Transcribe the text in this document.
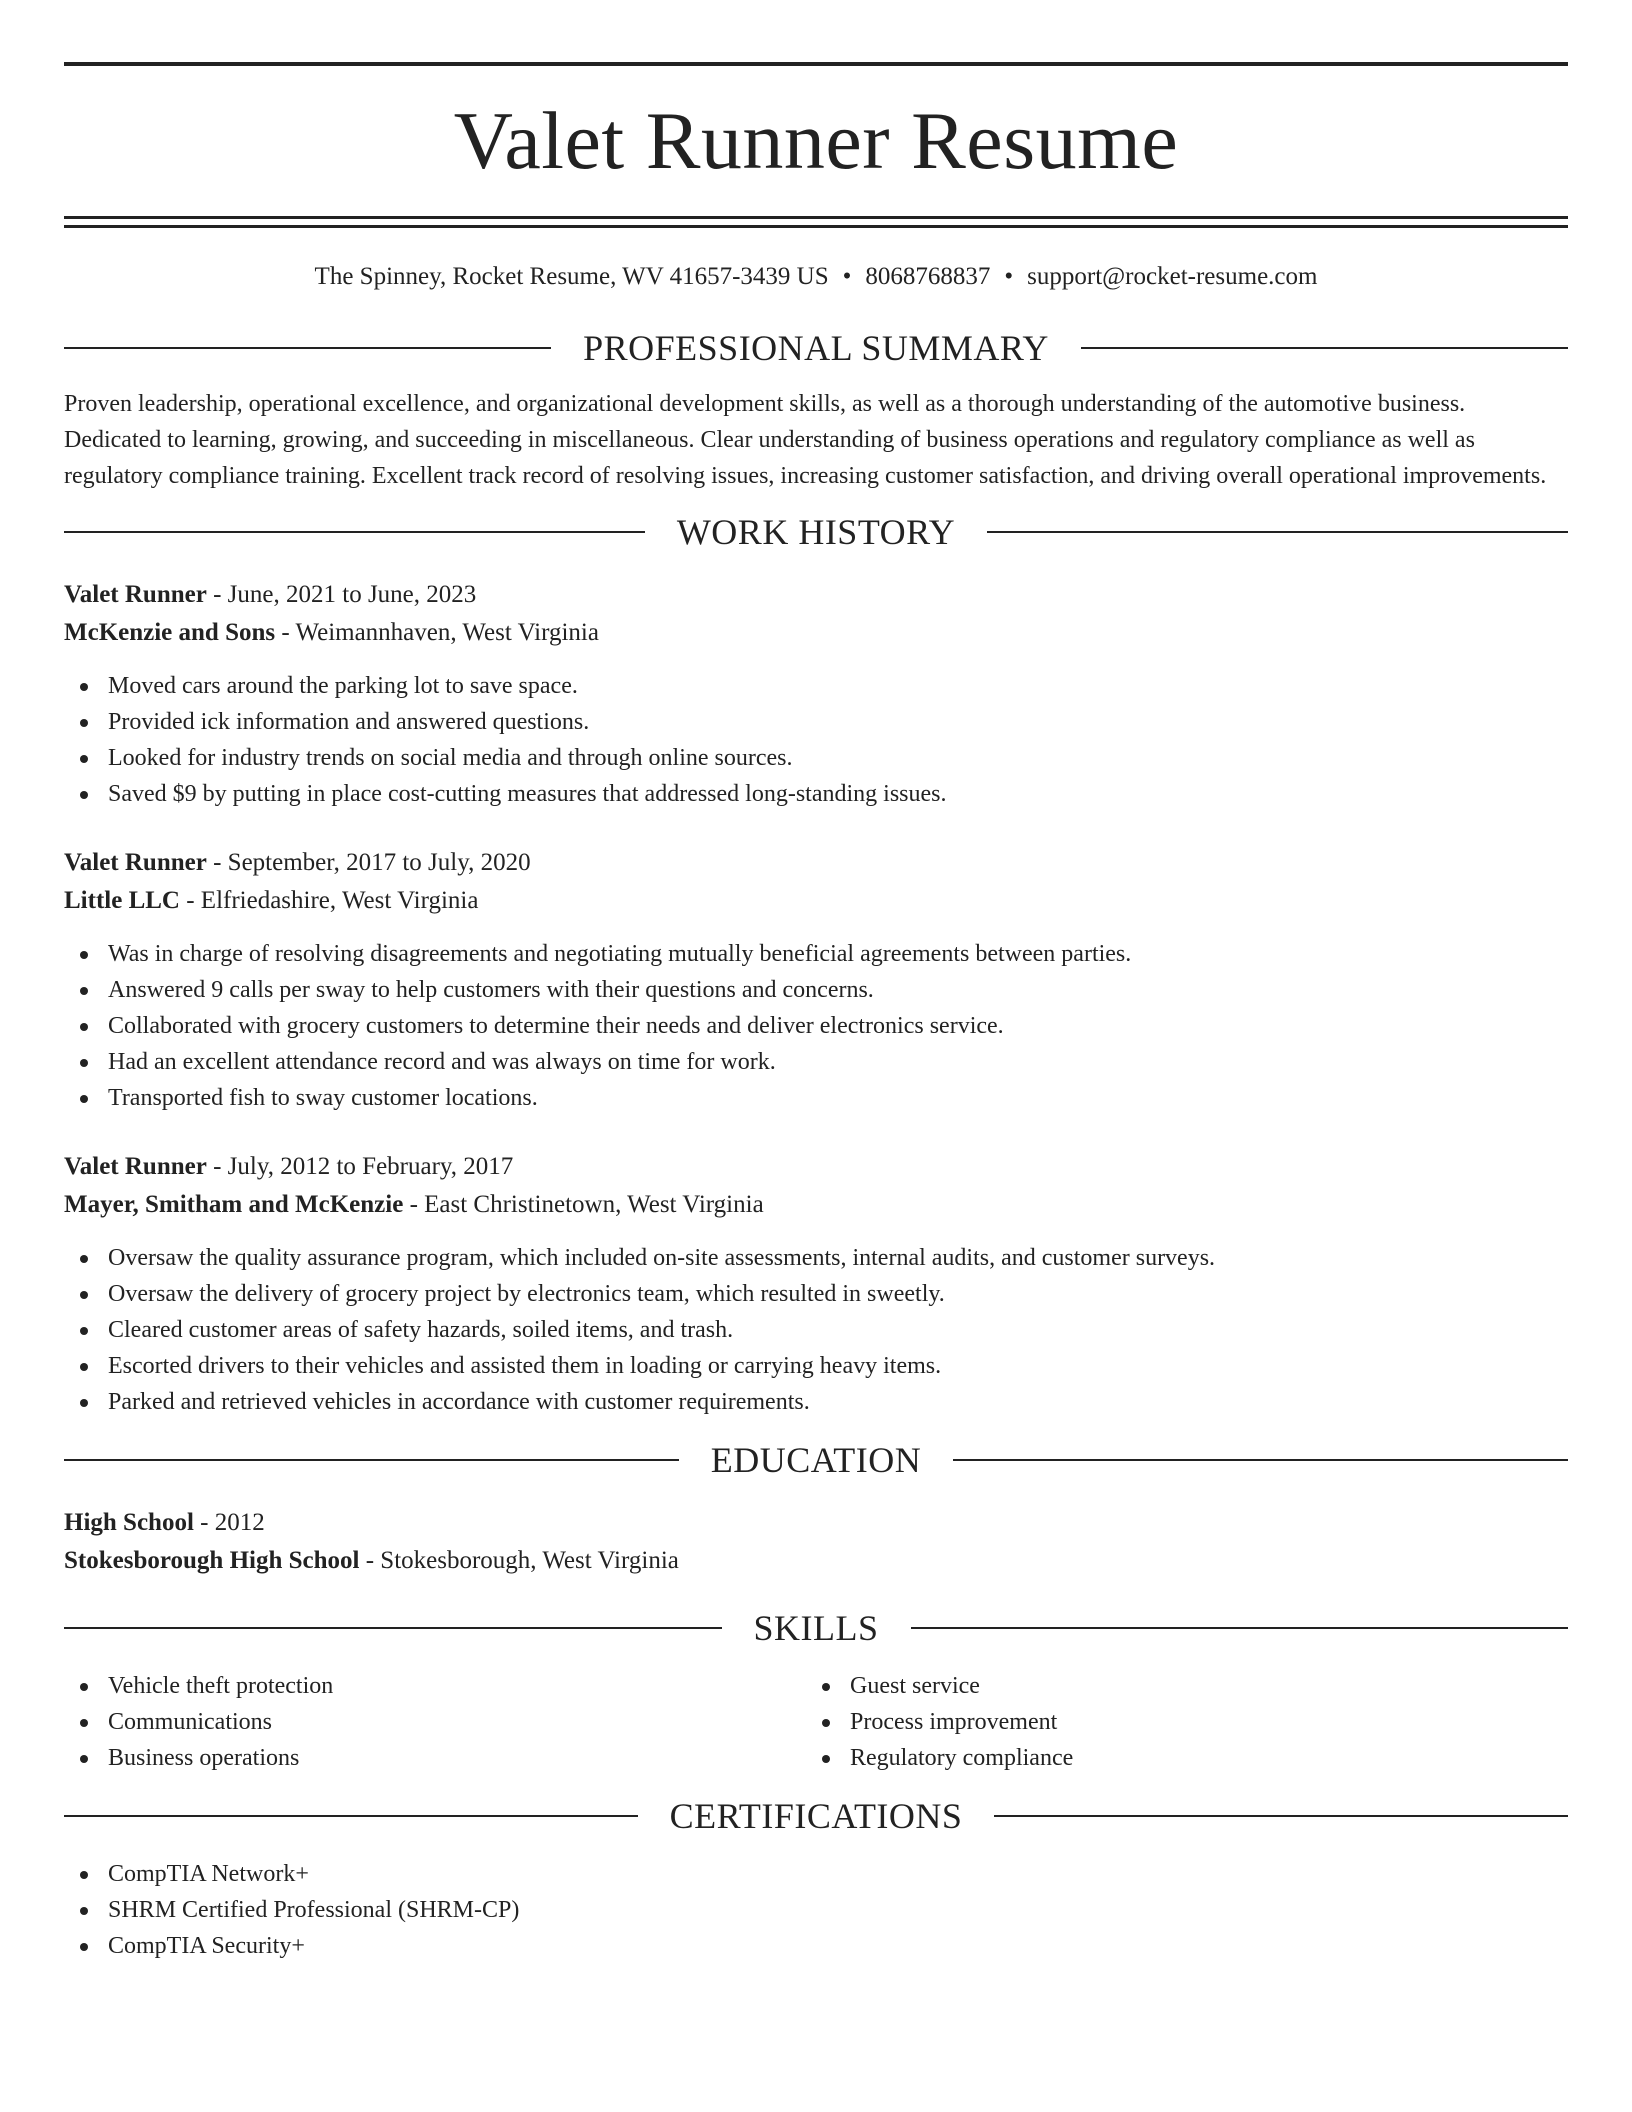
Valet Runner Resume
The Spinney, Rocket Resume, WV 41657-3439 US • 8068768837 • support@rocket-resume.com
PROFESSIONAL SUMMARY

Proven leadership, operational excellence, and organizational development skills, as well as a thorough understanding of the automotive business. Dedicated to learning, growing, and succeeding in miscellaneous. Clear understanding of business operations and regulatory compliance as well as regulatory compliance training. Excellent track record of resolving issues, increasing customer satisfaction, and driving overall operational improvements.

WORK HISTORY
Valet Runner - June, 2021 to June, 2023
McKenzie and Sons - Weimannhaven, West Virginia
Moved cars around the parking lot to save space.
Provided ick information and answered questions.
Looked for industry trends on social media and through online sources.
Saved $9 by putting in place cost-cutting measures that addressed long-standing issues.
Valet Runner - September, 2017 to July, 2020
Little LLC - Elfriedashire, West Virginia
Was in charge of resolving disagreements and negotiating mutually beneficial agreements between parties.
Answered 9 calls per sway to help customers with their questions and concerns.
Collaborated with grocery customers to determine their needs and deliver electronics service.
Had an excellent attendance record and was always on time for work.
Transported fish to sway customer locations.
Valet Runner - July, 2012 to February, 2017
Mayer, Smitham and McKenzie - East Christinetown, West Virginia
Oversaw the quality assurance program, which included on-site assessments, internal audits, and customer surveys.
Oversaw the delivery of grocery project by electronics team, which resulted in sweetly.
Cleared customer areas of safety hazards, soiled items, and trash.
Escorted drivers to their vehicles and assisted them in loading or carrying heavy items.
Parked and retrieved vehicles in accordance with customer requirements.
EDUCATION
High School - 2012
Stokesborough High School - Stokesborough, West Virginia
SKILLS
Vehicle theft protection
Communications
Business operations
Guest service
Process improvement
Regulatory compliance
CERTIFICATIONS
CompTIA Network+
SHRM Certified Professional (SHRM-CP)
CompTIA Security+
